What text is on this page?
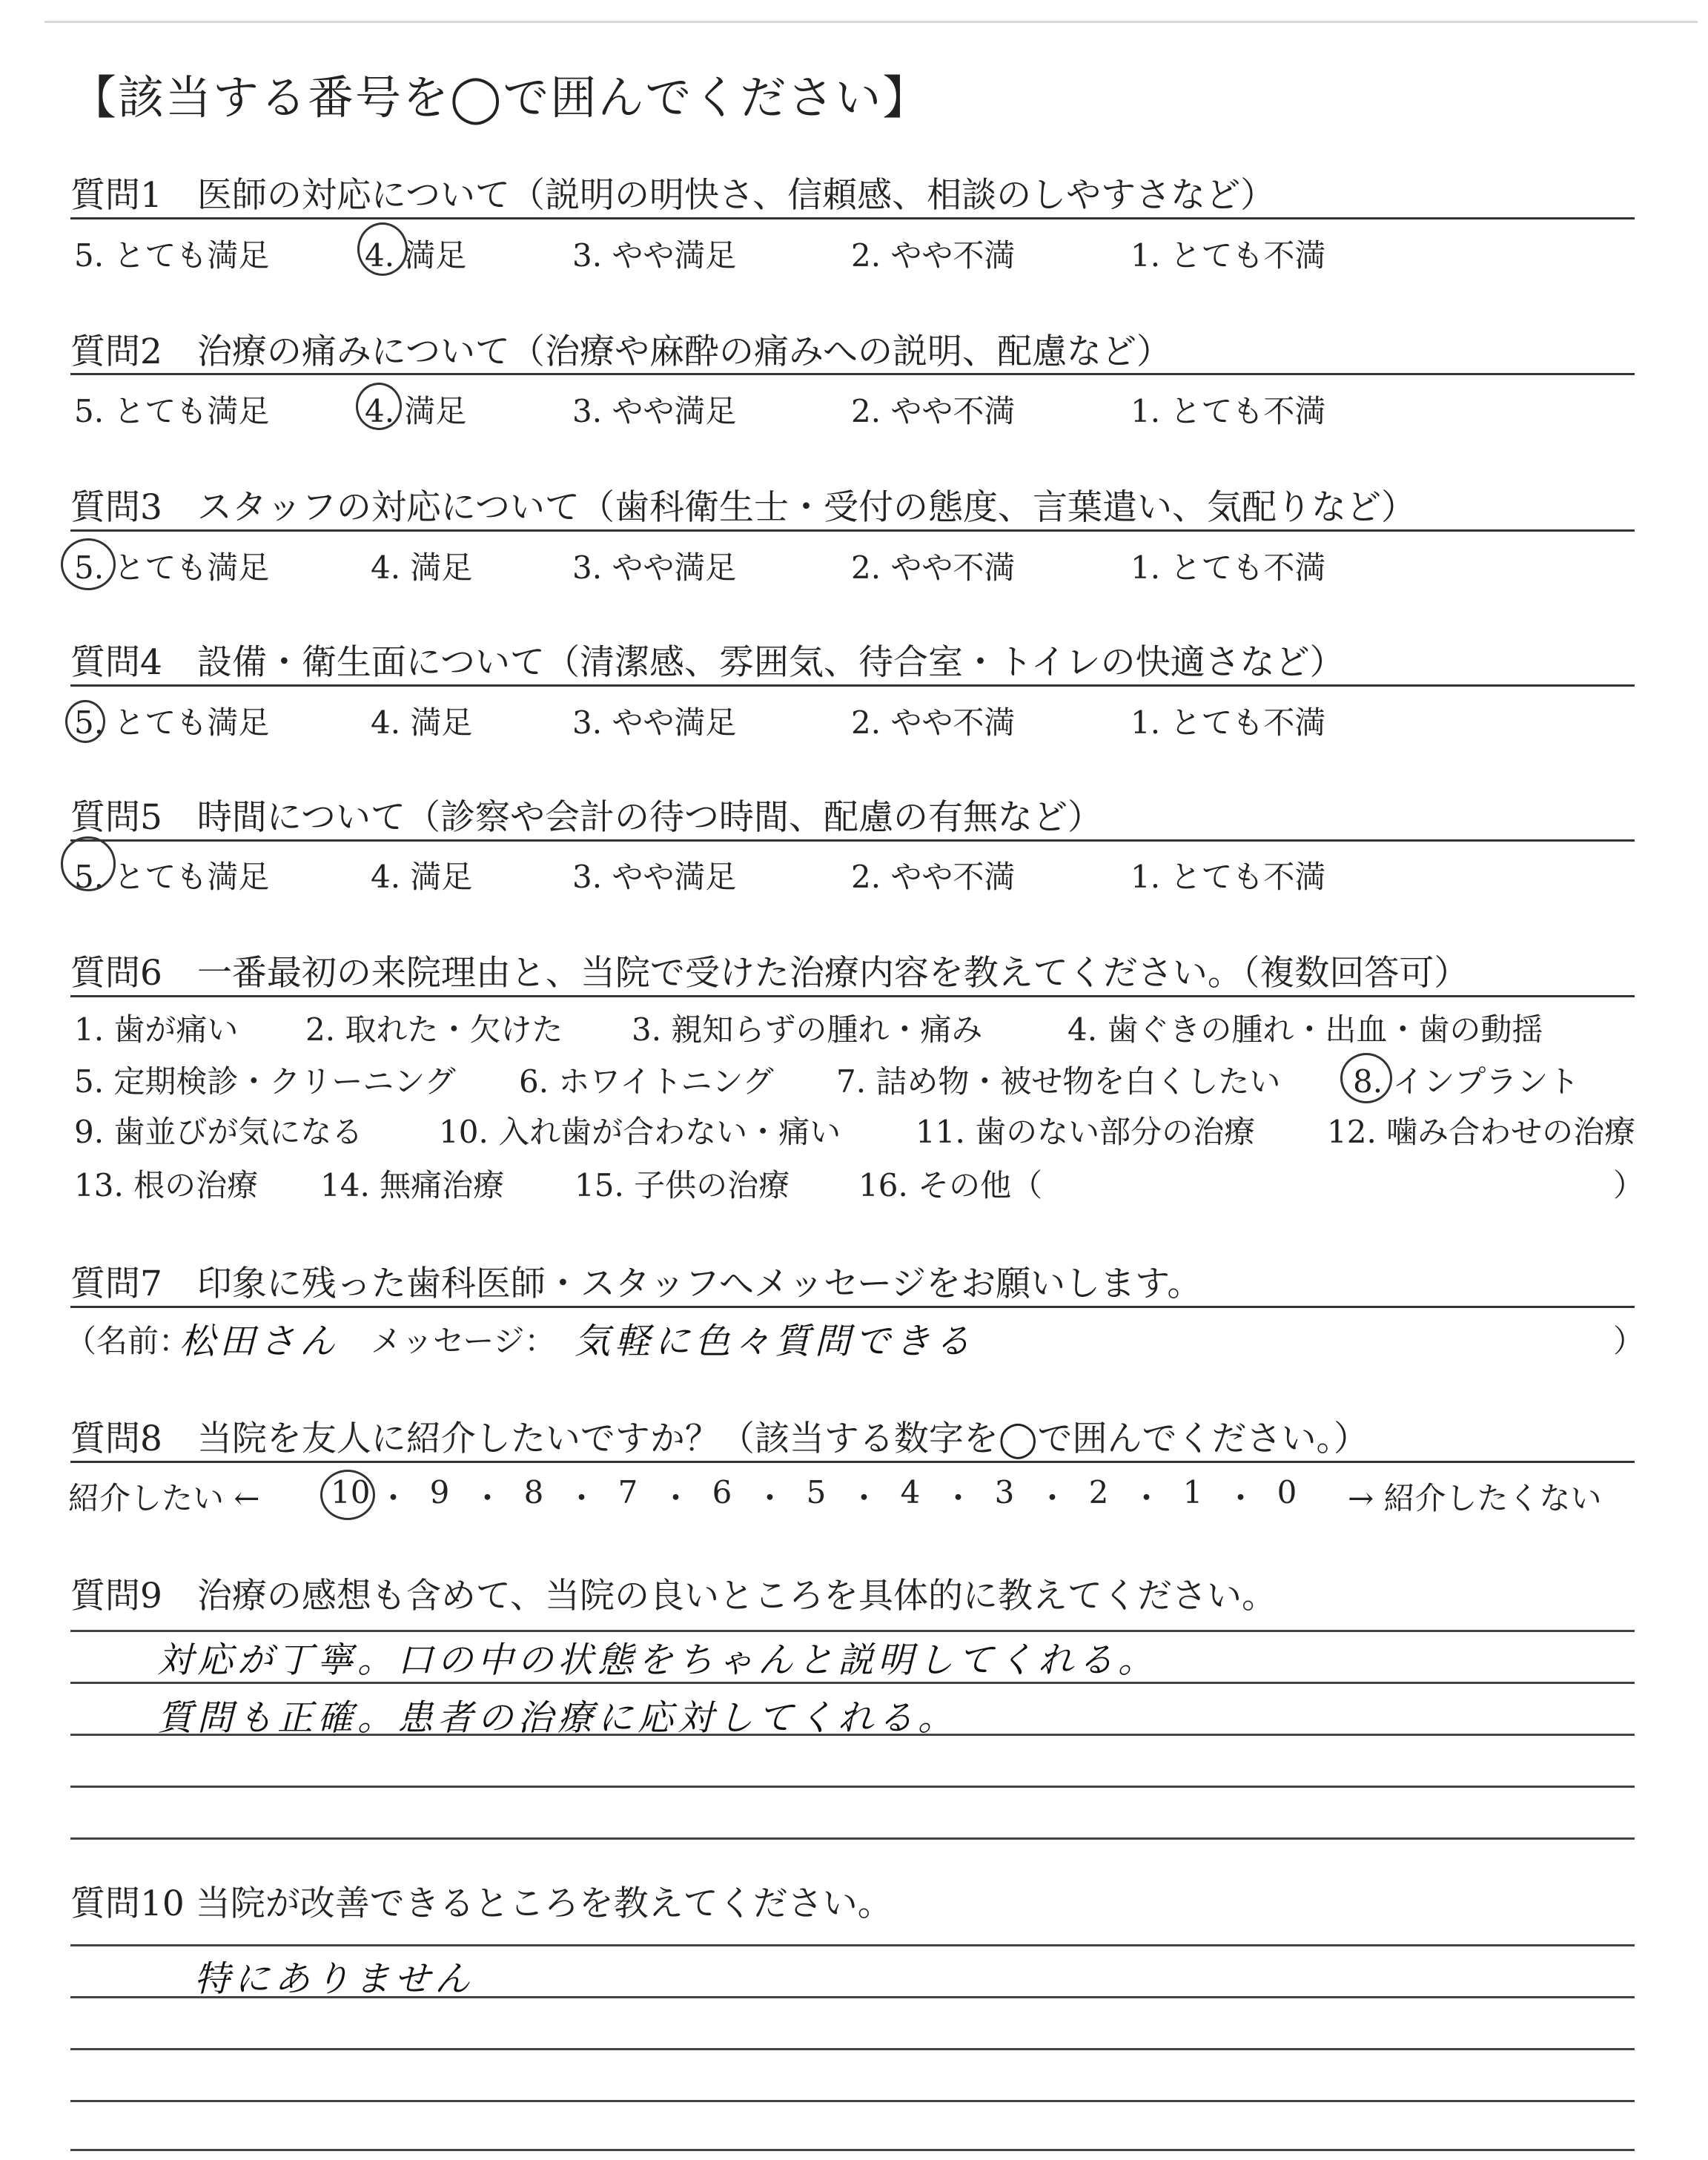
【該当する番号を◯で囲んでください】
質問1　医師の対応について（説明の明快さ、信頼感、相談のしやすさなど）
5. とても満足	4. 満足	3. やや満足	2. やや不満	1. とても不満
質問2　治療の痛みについて（治療や麻酔の痛みへの説明、配慮など）
5. とても満足	4. 満足	3. やや満足	2. やや不満	1. とても不満
質問3　スタッフの対応について（歯科衛生士・受付の態度、言葉遣い、気配りなど）
5. とても満足	4. 満足	3. やや満足	2. やや不満	1. とても不満
質問4　設備・衛生面について（清潔感、雰囲気、待合室・トイレの快適さなど）
5. とても満足	4. 満足	3. やや満足	2. やや不満	1. とても不満
質問5　時間について（診察や会計の待つ時間、配慮の有無など）
5. とても満足	4. 満足	3. やや満足	2. やや不満	1. とても不満
質問6　一番最初の来院理由と、当院で受けた治療内容を教えてください。（複数回答可）
1. 歯が痛い 2. 取れた・欠けた 3. 親知らずの腫れ・痛み	4. 歯ぐきの腫れ・出血・歯の動揺
5. 定期検診・クリーニング 6. ホワイトニング 7. 詰め物・被せ物を白くしたい 8. インプラント
9. 歯並びが気になる 10. 入れ歯が合わない・痛い 11. 歯のない部分の治療 12. 噛み合わせの治療
13. 根の治療 14. 無痛治療 15. 子供の治療 16. その他（	）
質問7　印象に残った歯科医師・スタッフへメッセージをお願いします。
（名前：
松田さん メッセージ： 気軽に色々質問できる	）
質問8　当院を友人に紹介したいですか？（該当する数字を◯で囲んでください。）
紹介したい ←	→ 紹介したくない
質問9　治療の感想も含めて、当院の良いところを具体的に教えてください。
対応が丁寧。口の中の状態をちゃんと説明してくれる。
質問も正確。患者の治療に応対してくれる。
質問10 当院が改善できるところを教えてください。
特にありません
10 ・ 9 ・ 8 ・ 7 ・ 6 ・ 5 ・ 4 ・ 3 ・ 2 ・ 1 ・ 0
